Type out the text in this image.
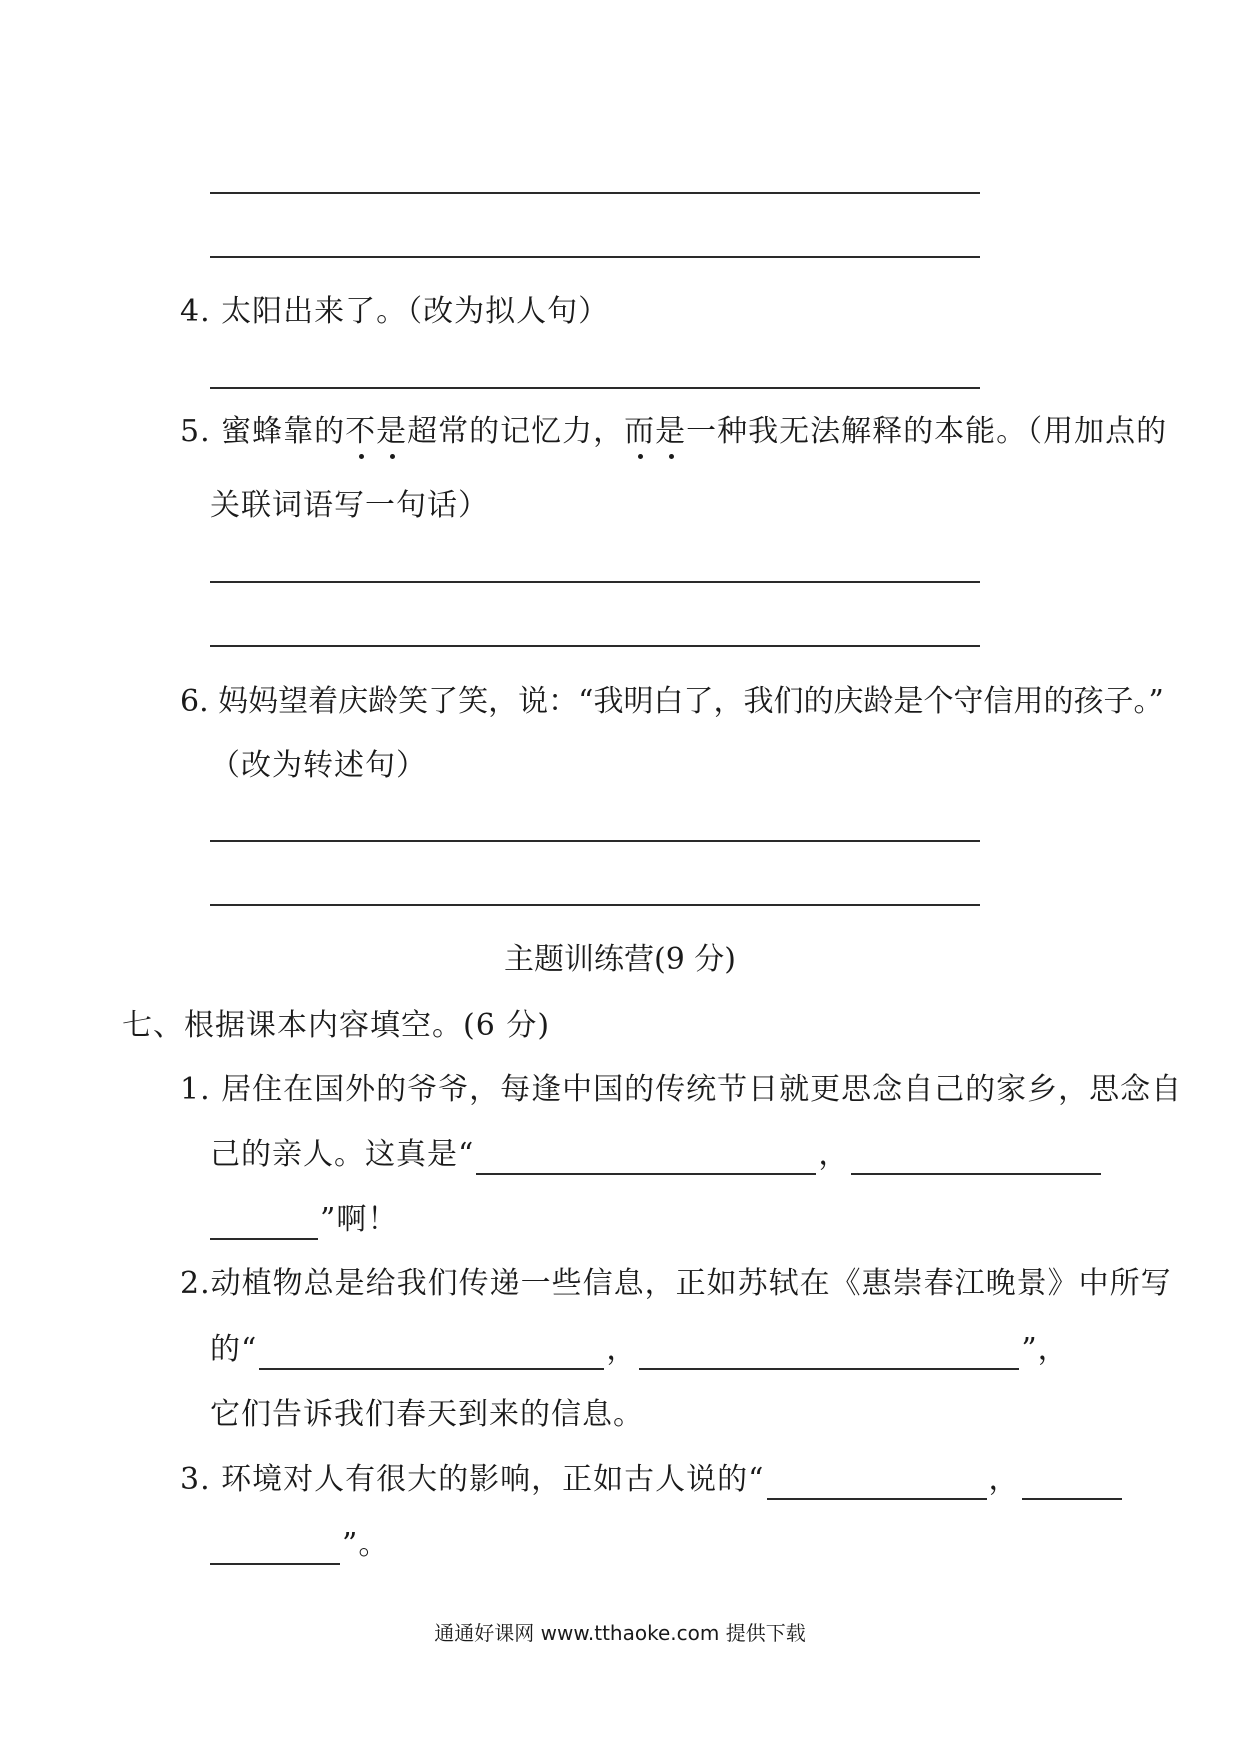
4. 太阳出来了。（改为拟人句）
5. 蜜蜂靠的不是超常的记忆力，而是一种我无法解释的本能。（用加点的
关联词语写一句话）
6. 妈妈望着庆龄笑了笑，说：“我明白了，我们的庆龄是个守信用的孩子。”
（改为转述句）
主题训练营(9 分)
七、根据课本内容填空。(6 分)
1. 居住在国外的爷爷，每逢中国的传统节日就更思念自己的家乡，思念自
己的亲人。这真是“	，
”啊！
2.动植物总是给我们传递一些信息，正如苏轼在《惠崇春江晚景》中所写
的“	，	”，
它们告诉我们春天到来的信息。
3. 环境对人有很大的影响，正如古人说的“	，
”。
通通好课网 www.tthaoke.com 提供下载
